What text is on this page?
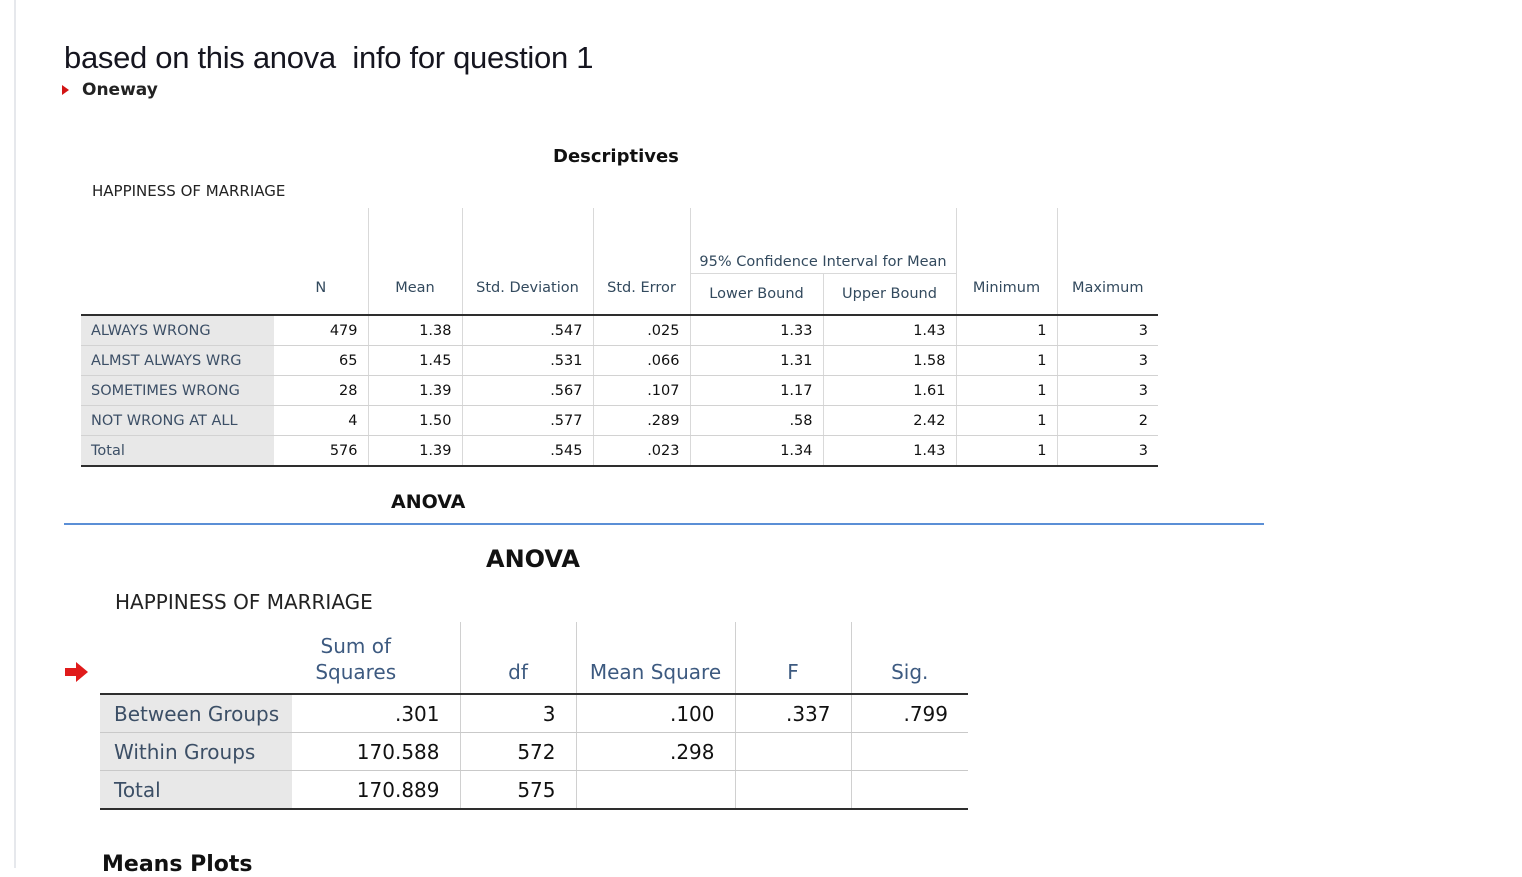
based on this anova  info for question 1
Oneway
Descriptives
HAPPINESS OF MARRIAGE
	N	Mean	Std. Deviation	Std. Error	95% Confidence Interval for Mean		Minimum	Maximum
					Lower Bound	Upper Bound		
ALWAYS WRONG	479	1.38	.547	.025	1.33	1.43	1	3
ALMST ALWAYS WRG	65	1.45	.531	.066	1.31	1.58	1	3
SOMETIMES WRONG	28	1.39	.567	.107	1.17	1.61	1	3
NOT WRONG AT ALL	4	1.50	.577	.289	.58	2.42	1	2
Total	576	1.39	.545	.023	1.34	1.43	1	3
ANOVA
ANOVA
HAPPINESS OF MARRIAGE
	Sum of Squares	df	Mean Square	F	Sig.
Between Groups	.301	3	.100	.337	.799
Within Groups	170.588	572	.298		
Total	170.889	575			
Means Plots
